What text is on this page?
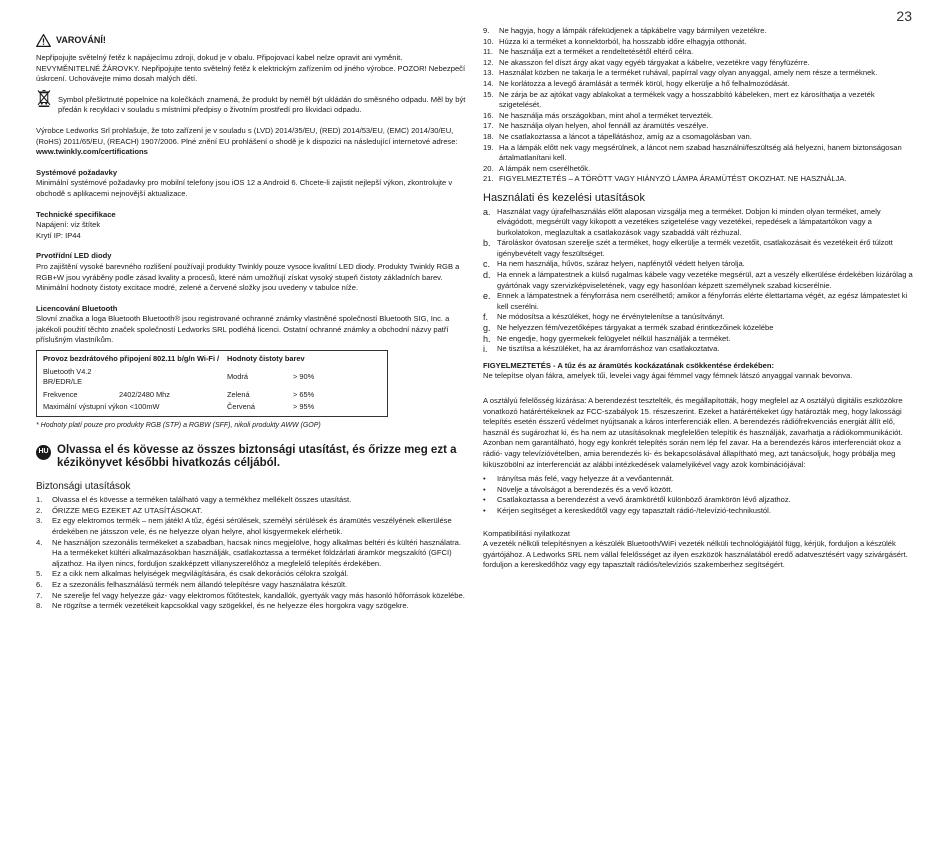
23
VAROVÁNÍ!

Nepřipojujte světelný řetěz k napájecímu zdroji, dokud je v obalu. Připojovací kabel nelze opravit ani vyměnit. NEVYMĚNITELNÉ ŽÁROVKY. Nepřipojujte tento světelný řetěz k elektrickým zařízením od jiného výrobce. POZOR! Nebezpečí úskrcení. Uchovávejte mimo dosah malých dětí.

Symbol přeškrtnuté popelnice na kolečkách znamená, že produkt by neměl být ukládán do směsného odpadu. Měl by být předán k recyklaci v souladu s místními předpisy o životním prostředí pro likvidaci odpadu.

Výrobce Ledworks Srl prohlašuje, že toto zařízení je v souladu s (LVD) 2014/35/EU, (RED) 2014/53/EU, (EMC) 2014/30/EU, (RoHS) 2011/65/EU, (REACH) 1907/2006. Plné znění EU prohlášení o shodě je k dispozici na následující internetové adrese: www.twinkly.com/certifications

Systémové požadavky

Minimální systémové požadavky pro mobilní telefony jsou iOS 12 a Android 6. Chcete-li zajistit nejlepší výkon, zkontrolujte v obchodě s aplikacemi nejnovější aktualizace.

Technické specifikace

Napájení: viz štítek

Krytí IP: IP44

Prvotřídní LED diody

Pro zajištění vysoké barevného rozlišení používají produkty Twinkly pouze vysoce kvalitní LED diody. Produkty Twinkly RGB a RGB+W jsou vyráběny podle zásad kvality a procesů, které nám umožňují získat vysoký stupeň čistoty základních barev.

Minimální hodnoty čistoty excitace modré, zelené a červené složky jsou uvedeny v tabulce níže.

Licencování Bluetooth

Slovní značka a loga Bluetooth Bluetooth® jsou registrované ochranné známky vlastněné společností Bluetooth SIG, Inc. a jakékoli použití těchto značek společností Ledworks SRL podléhá licenci. Ostatní ochranné známky a obchodní názvy patří příslušným vlastníkům.

Provoz bezdrátového připojení 802.11 b/g/n Wi-Fi /		Hodnoty čistoty barev	
Bluetooth V4.2 BR/EDR/LE		Modrá	> 90%
Frekvence	2402/2480 Mhz	Zelená	> 65%
Maximální výstupní výkon <100mW		Červená	> 95%

* Hodnoty platí pouze pro produkty RGB (STP) a RGBW (SFF), nikoli produkty AWW (GOP)

HU Olvassa el és kövesse az összes biztonsági utasítást, és őrizze meg ezt a kézikönyvet későbbi hivatkozás céljából.

Biztonsági utasítások

1.	Olvassa el és kövesse a terméken található vagy a termékhez mellékelt összes utasítást.
2.	ŐRIZZE MEG EZEKET AZ UTASÍTÁSOKAT.
3.	Ez egy elektromos termék – nem játék! A tűz, égési sérülések, személyi sérülések és áramütés veszélyének elkerülése érdekében ne játsszon vele, és ne helyezze olyan helyre, ahol kisgyermekek elérhetik.
4.	Ne használjon szezonális termékeket a szabadban, hacsak nincs megjelölve, hogy alkalmas beltéri és kültéri használatra. Ha a termékeket kültéri alkalmazásokban használják, csatlakoztassa a terméket földzárlati áramkör megszakító (GFCI) aljzathoz. Ha ilyen nincs, forduljon szakképzett villanyszerelőhöz a megfelelő telepítés érdekében.
5.	Ez a cikk nem alkalmas helyiségek megvilágítására, és csak dekorációs célokra szolgál.
6.	Ez a szezonális felhasználású termék nem állandó telepítésre vagy használatra készült.
7.	Ne szerelje fel vagy helyezze gáz- vagy elektromos fűtőtestek, kandallók, gyertyák vagy más hasonló hőforrások közelébe.
8.	Ne rögzítse a termék vezetékeit kapcsokkal vagy szögekkel, és ne helyezze éles horgokra vagy szögekre.
9.	Ne hagyja, hogy a lámpák ráfeküdjenek a tápkábelre vagy bármilyen vezetékre.
10. Húzza ki a terméket a konnektorból, ha hosszabb időre elhagyja otthonát.
11. Ne használja ezt a terméket a rendeltetésétől eltérő célra.
12. Ne akasszon fel díszt árgy akat vagy egyéb tárgyakat a kábelre, vezetékre vagy fényfüzérre.
13. Használat közben ne takarja le a terméket ruhával, papírral vagy olyan anyaggal, amely nem része a terméknek.
14. Ne korlátozza a levegő áramlását a termék körül, hogy elkerülje a hő felhalmozódását.
15. Ne zárja be az ajtókat vagy ablakokat a termékek vagy a hosszabbító kábeleken, mert ez károsíthatja a vezeték szigetelését.
16. Ne használja más országokban, mint ahol a terméket tervezték.
17. Ne használja olyan helyen, ahol fennáll az áramütés veszélye.
18. Ne csatlakoztassa a láncot a tápellátáshoz, amíg az a csomagolásban van.
19. Ha a lámpák előtt nek vagy megsérülnek, a láncot nem szabad használni/feszültség alá helyezni, hanem biztonságosan ártalmatlanítani kell.
20. A lámpák nem cserélhetők.
21. FIGYELMEZTETÉS – A TÖRÖTT VAGY HIÁNYZÓ LÁMPA ÁRAMÜTÉST OKOZHAT. NE HASZNÁLJA.

Használati és kezelési utasítások

a. Használat vagy újrafelhasználás előtt alaposan vizsgálja meg a terméket. Dobjon ki minden olyan terméket, amely elvágódott, megsérült vagy kikopott a vezetékes szigetelése vagy vezetékei, repedések a lámpatartókon vagy a burkolatokon, meglazultak a csatlakozások vagy szabaddá vált rézhuzal.
b. Tároláskor óvatosan szerelje szét a terméket, hogy elkerülje a termék vezetőit, csatlakozásait és vezetékeit érő túlzott igénybevételt vagy feszültséget.
c. Ha nem használja, hűvös, száraz helyen, napfénytől védett helyen tárolja.
d. Ha ennek a lámpatestnek a külső rugalmas kábele vagy vezetéke megsérül, azt a veszély elkerülése érdekében kizárólag a gyártónak vagy szervizképviseletének, vagy egy hasonlóan képzett személynek szabad kicserélnie.
e. Ennek a lámpatestnek a fényforrása nem cserélhető; amikor a fényforrás elérte élettartama végét, az egész lámpatestet ki kell cserélni.
f.	Ne módosítsa a készüléket, hogy ne érvénytelenítse a tanúsítványt.
g. Ne helyezzen fém/vezetőképes tárgyakat a termék szabad érintkezőinek közelébe
h. Ne engedje, hogy gyermekek felügyelet nélkül használják a terméket.
i.	Ne tisztítsa a készüléket, ha az áramforráshoz van csatlakoztatva.

FIGYELMEZTETÉS - A tűz és az áramütés kockázatának csökkentése érdekében:

Ne telepítse olyan fákra, amelyek tűi, levelei vagy ágai fémmel vagy fémnek látszó anyaggal vannak bevonva.

A osztályú felelősség kizárása: A berendezést tesztelték, és megállapították, hogy megfelel az A osztályú digitális eszközökre vonatkozó határértékeknek az FCC-szabályok 15. részeszerint. Ezeket a határértékeket úgy határozták meg, hogy lakossági telepítés esetén ésszerű védelmet nyújtsanak a káros interferenciák ellen. A berendezés rádiófrekvenciás energiát állít elő, használ és sugározhat ki, és ha nem az utasításoknak megfelelően telepítik és használják, zavarhatja a rádiókommunikációt. Azonban nem garantálható, hogy egy konkrét telepítés során nem lép fel zavar. Ha a berendezés káros interferenciát okoz a rádió- vagy televízióvételben, amia berendezés ki- és bekapcsolásával állapítható meg, azt tanácsoljuk, hogy próbálja meg kiküszöbölni az interferenciát az alábbi intézkedések valamelyikével vagy azok kombinációjával:

•	Irányítsa más felé, vagy helyezze át a vevőantennát.
•	Növelje a távolságot a berendezés és a vevő között.
•	Csatlakoztassa a berendezést a vevő áramkörétől különböző áramkörön lévő aljzathoz.
•	Kérjen segítséget a kereskedőtől vagy egy tapasztalt rádió-/televízió-technikustól.

Kompatibilitási nyilatkozat

A vezeték nélküli telepítésnyen a készülék Bluetooth/WiFi vezeték nélküli technológiájától függ, kérjük, forduljon a készülék gyártójához. A Ledworks SRL nem vállal felelősséget az ilyen eszközök használatából eredő adatvesztésért vagy szivárgásért. forduljon a kereskedőhöz vagy egy tapasztalt rádiós/televíziós szakemberhez segítségért.
